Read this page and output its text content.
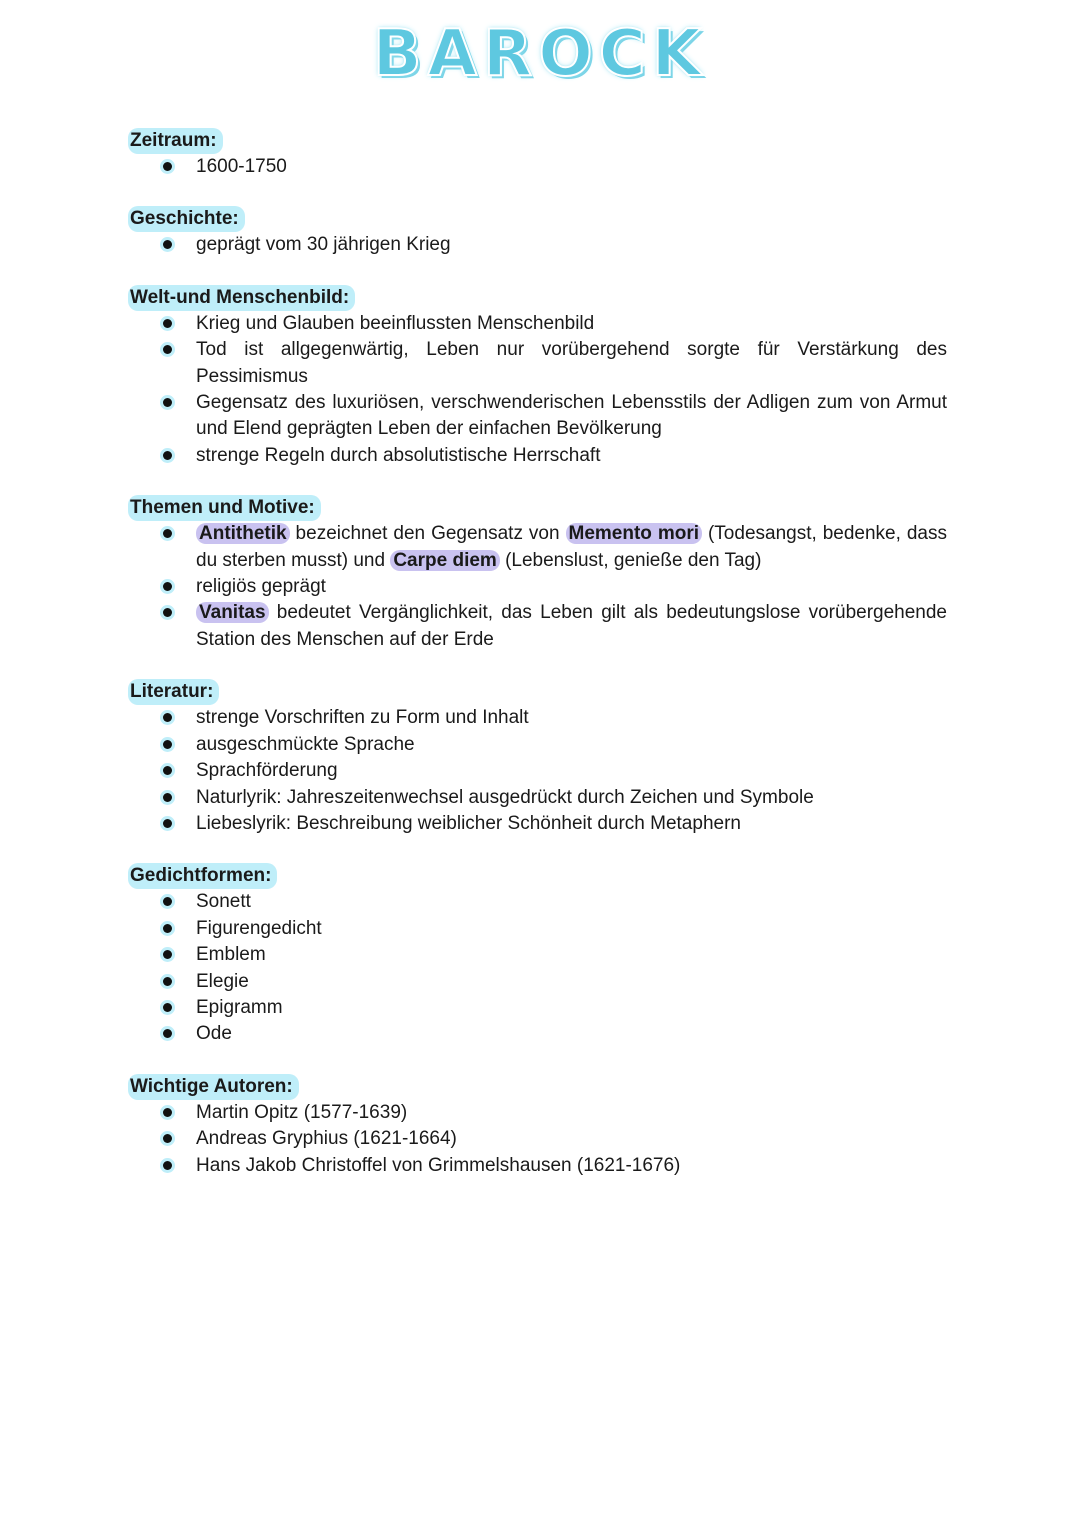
BAROCK
Zeitraum:
1600-1750
Geschichte:
geprägt vom 30 jährigen Krieg
Welt-und Menschenbild:
Krieg und Glauben beeinflussten Menschenbild
Tod ist allgegenwärtig, Leben nur vorübergehend sorgte für Verstärkung des Pessimismus
Gegensatz des luxuriösen, verschwenderischen Lebensstils der Adligen zum von Armut und Elend geprägten Leben der einfachen Bevölkerung
strenge Regeln durch absolutistische Herrschaft
Themen und Motive:
Antithetik bezeichnet den Gegensatz von Memento mori (Todesangst, bedenke, dass du sterben musst) und Carpe diem (Lebenslust, genieße den Tag)
religiös geprägt
Vanitas bedeutet Vergänglichkeit, das Leben gilt als bedeutungslose vorübergehende Station des Menschen auf der Erde
Literatur:
strenge Vorschriften zu Form und Inhalt
ausgeschmückte Sprache
Sprachförderung
Naturlyrik: Jahreszeitenwechsel ausgedrückt durch Zeichen und Symbole
Liebeslyrik: Beschreibung weiblicher Schönheit durch Metaphern
Gedichtformen:
Sonett
Figurengedicht
Emblem
Elegie
Epigramm
Ode
Wichtige Autoren:
Martin Opitz (1577-1639)
Andreas Gryphius (1621-1664)
Hans Jakob Christoffel von Grimmelshausen (1621-1676)
